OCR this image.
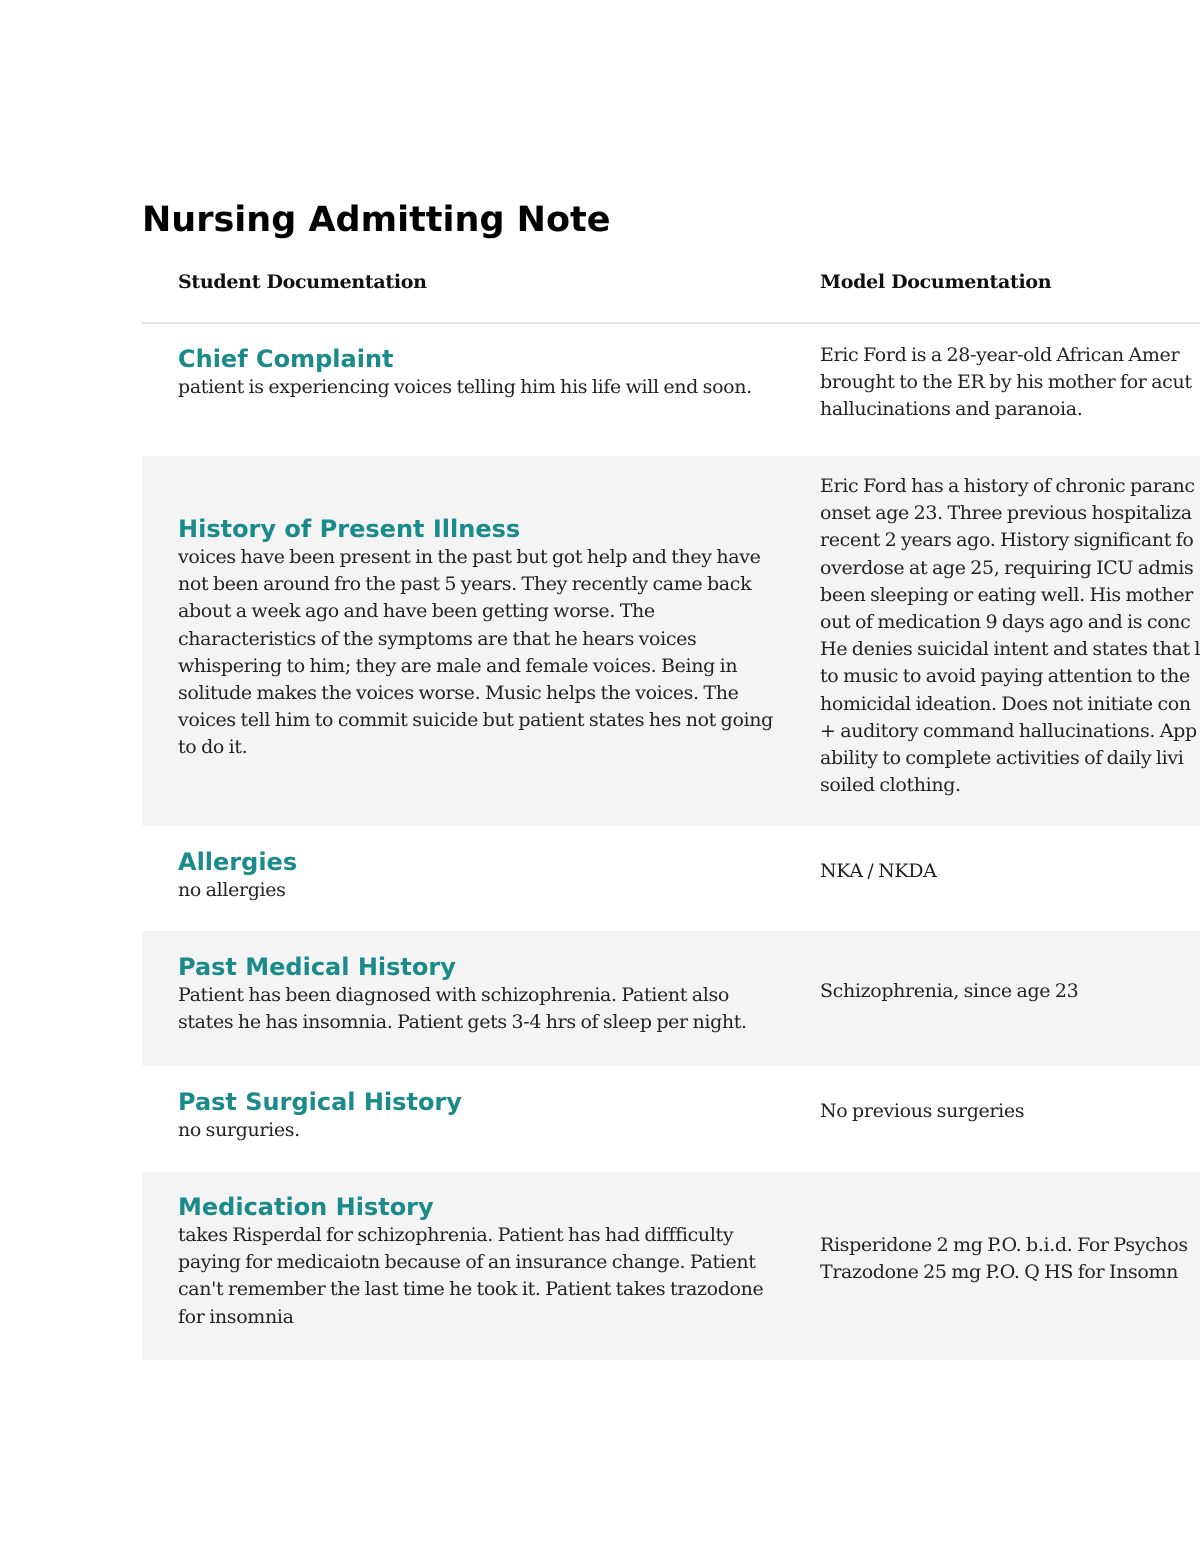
Nursing Admitting Note
Student Documentation	Model Documentation
Chief Complaint
patient is experiencing voices telling him his life will end soon.
Eric Ford is a 28-year-old African Amer
brought to the ER by his mother for acut
hallucinations and paranoia.
History of Present Illness
voices have been present in the past but got help and they have not been around fro the past 5 years. They recently came back about a week ago and have been getting worse. The characteristics of the symptoms are that he hears voices whispering to him; they are male and female voices. Being in solitude makes the voices worse. Music helps the voices. The voices tell him to commit suicide but patient states hes not going to do it.
Eric Ford has a history of chronic paranc
onset age 23. Three previous hospitaliza
recent 2 years ago. History significant fo
overdose at age 25, requiring ICU admis
been sleeping or eating well. His mother
out of medication 9 days ago and is conc
He denies suicidal intent and states that l
to music to avoid paying attention to the
homicidal ideation. Does not initiate con
+ auditory command hallucinations. App
ability to complete activities of daily livi
soiled clothing.
Allergies
no allergies
NKA / NKDA
Past Medical History
Patient has been diagnosed with schizophrenia. Patient also states he has insomnia. Patient gets 3-4 hrs of sleep per night.
Schizophrenia, since age 23
Past Surgical History
no surguries.
No previous surgeries
Medication History
takes Risperdal for schizophrenia. Patient has had diffficulty paying for medicaiotn because of an insurance change. Patient can't remember the last time he took it. Patient takes trazodone for insomnia
Risperidone 2 mg P.O. b.i.d. For Psychos
Trazodone 25 mg P.O. Q HS for Insomn
